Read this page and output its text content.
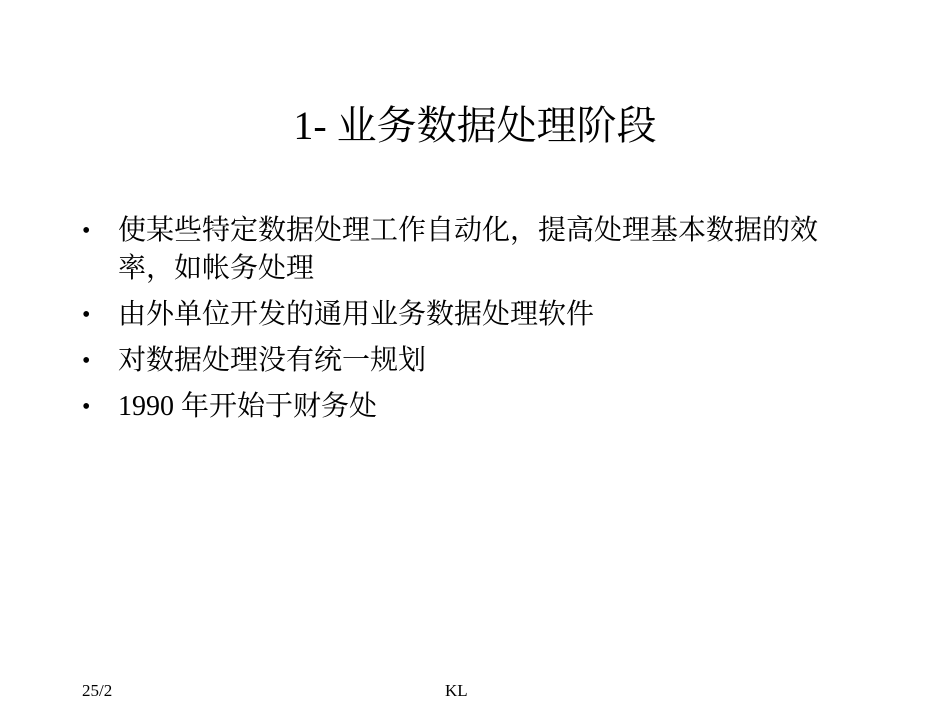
1- 业务数据处理阶段
• 使某些特定数据处理工作自动化，提高处理基本数据的效率，如帐务处理
• 由外单位开发的通用业务数据处理软件
• 对数据处理没有统一规划
• 1990 年开始于财务处
25/2	KL
